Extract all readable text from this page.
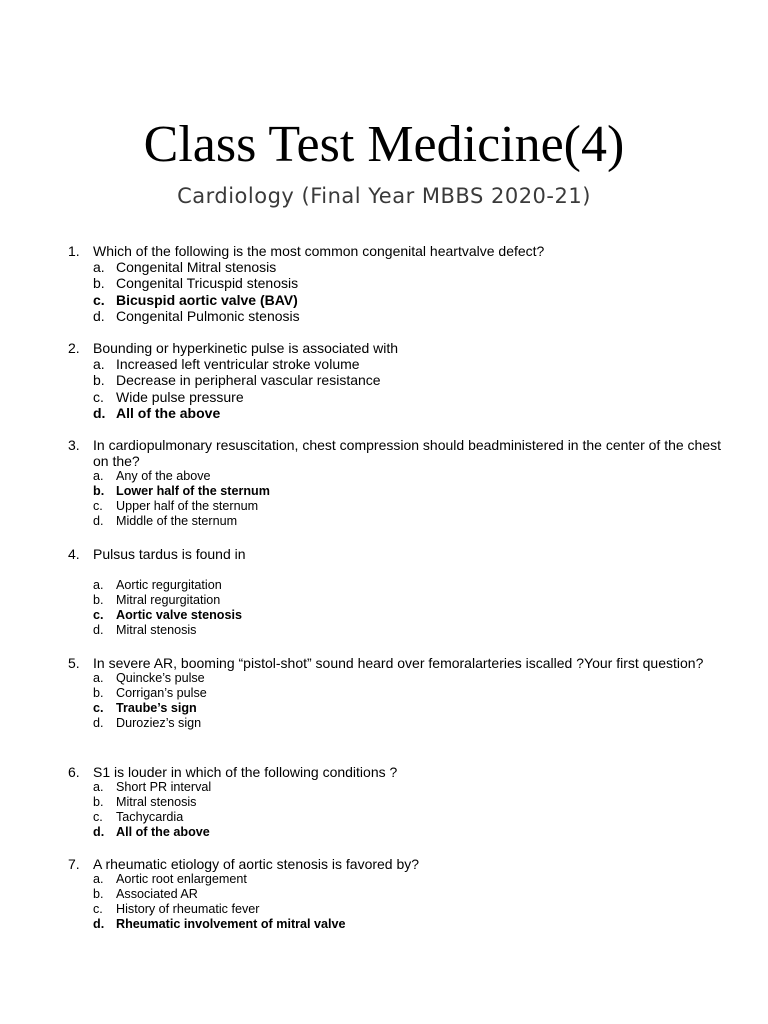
Class Test Medicine(4)
Cardiology (Final Year MBBS 2020-21)
1. Which of the following is the most common congenital heartvalve defect?
a. Congenital Mitral stenosis
b. Congenital Tricuspid stenosis
c. Bicuspid aortic valve (BAV)
d. Congenital Pulmonic stenosis
2. Bounding or hyperkinetic pulse is associated with
a. Increased left ventricular stroke volume
b. Decrease in peripheral vascular resistance
c. Wide pulse pressure
d. All of the above
3. In cardiopulmonary resuscitation, chest compression should beadministered in the center of the chest on the?
a. Any of the above
b. Lower half of the sternum
c.	Upper half of the sternum
d. Middle of the sternum
4. Pulsus tardus is found in
a. Aortic regurgitation
b. Mitral regurgitation
c. Aortic valve stenosis
d. Mitral stenosis
5. In severe AR, booming “pistol-shot” sound heard over femoralarteries iscalled ?Your first question?
a. Quincke’s pulse
b. Corrigan’s pulse
c. Traube’s sign
d. Duroziez’s sign
6. S1 is louder in which of the following conditions ?
a. Short PR interval
b. Mitral stenosis
c.	Tachycardia
d. All of the above
7. A rheumatic etiology of aortic stenosis is favored by?
a. Aortic root enlargement
b. Associated AR
c.	History of rheumatic fever
d. Rheumatic involvement of mitral valve
